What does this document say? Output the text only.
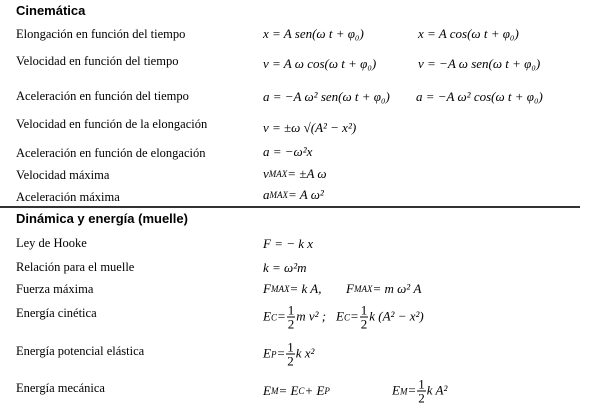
Cinemática
Dinámica y energía (muelle)
Elongación en función del tiempo	x = A sen(ω t + φ₀)	x = A cos(ω t + φ₀)
Velocidad en función del tiempo	v = A ω cos(ω t + φ₀)	v = −A ω sen(ω t + φ₀)
Aceleración en función del tiempo	a = −A ω² sen(ω t + φ₀) a = −A ω² cos(ω t + φ₀)
Velocidad en función de la elongación	v = ±ω √(A² − x²)
Aceleración en función de elongación	a = −ω²x
Velocidad máxima	v MAX = ±A ω
Aceleración máxima	a MAX = A ω²
Ley de Hooke	F = − k x
Relación para el muelle	k = ω²m
Fuerza máxima	F MAX = k A, F MAX = m ω² A
Energía cinética	E $C = \frac{1}{2}$ m v² ; E $C = \frac{1}{2}$ k (A² − x²)
Energía potencial elástica	E $P = \frac{1}{2}$ k x²
Energía mecánica	E M = E C + E P	E $M = \frac{1}{2}$ k A²
